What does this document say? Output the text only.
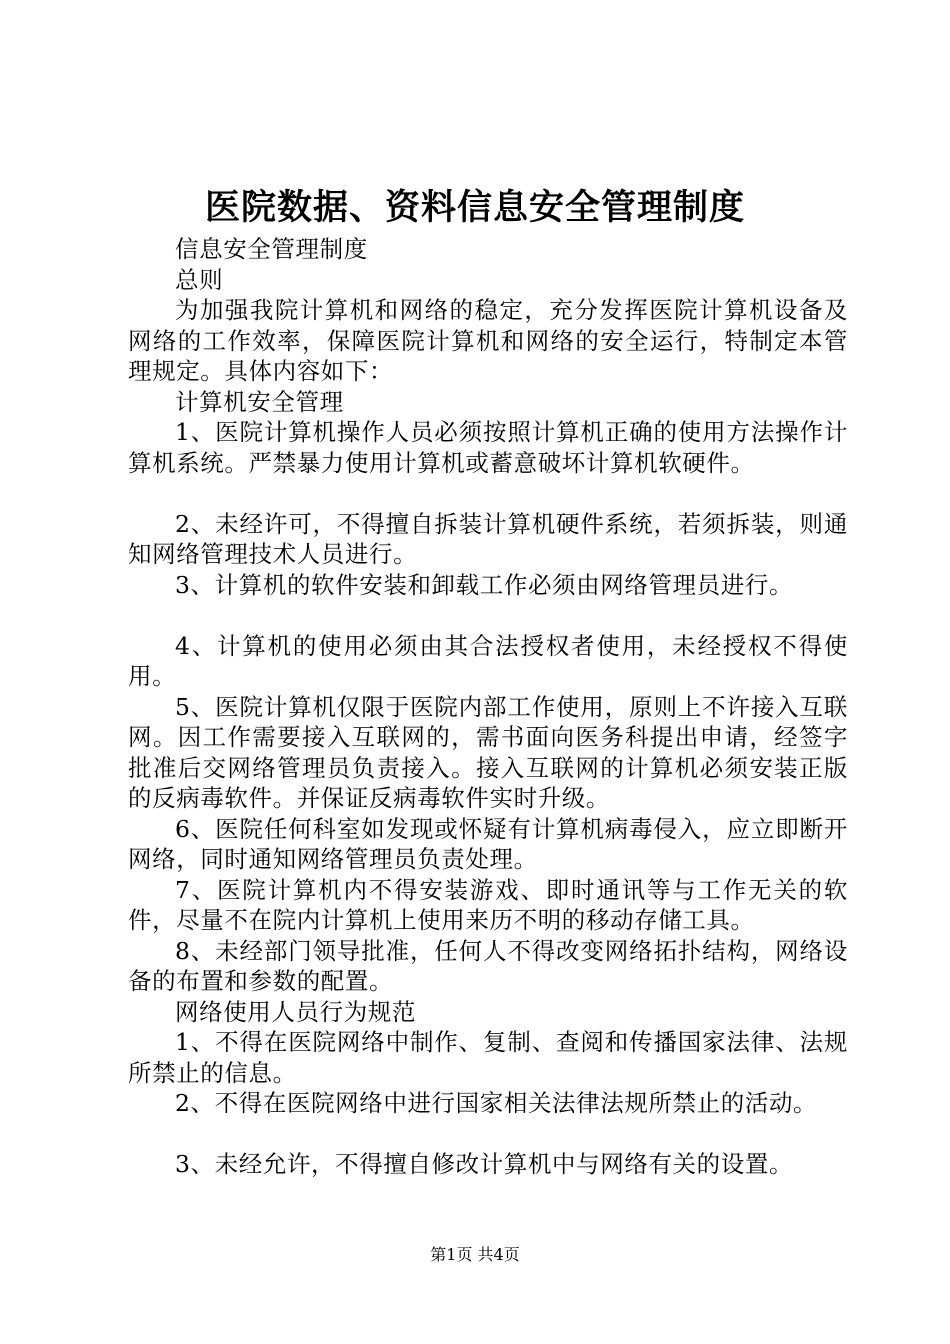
医院数据、资料信息安全管理制度

信息安全管理制度

总则

为加强我院计算机和网络的稳定，充分发挥医院计算机设备及网络的工作效率，保障医院计算机和网络的安全运行，特制定本管理规定。具体内容如下：

计算机安全管理

1、医院计算机操作人员必须按照计算机正确的使用方法操作计算机系统。严禁暴力使用计算机或蓄意破坏计算机软硬件。

2、未经许可，不得擅自拆装计算机硬件系统，若须拆装，则通知网络管理技术人员进行。

3、计算机的软件安装和卸载工作必须由网络管理员进行。

4、计算机的使用必须由其合法授权者使用，未经授权不得使用。

5、医院计算机仅限于医院内部工作使用，原则上不许接入互联网。因工作需要接入互联网的，需书面向医务科提出申请，经签字批准后交网络管理员负责接入。接入互联网的计算机必须安装正版的反病毒软件。并保证反病毒软件实时升级。

6、医院任何科室如发现或怀疑有计算机病毒侵入，应立即断开网络，同时通知网络管理员负责处理。

7、医院计算机内不得安装游戏、即时通讯等与工作无关的软件，尽量不在院内计算机上使用来历不明的移动存储工具。

8、未经部门领导批准，任何人不得改变网络拓扑结构，网络设备的布置和参数的配置。

网络使用人员行为规范

1、不得在医院网络中制作、复制、查阅和传播国家法律、法规所禁止的信息。

2、不得在医院网络中进行国家相关法律法规所禁止的活动。

3、未经允许，不得擅自修改计算机中与网络有关的设置。

第1页 共4页
